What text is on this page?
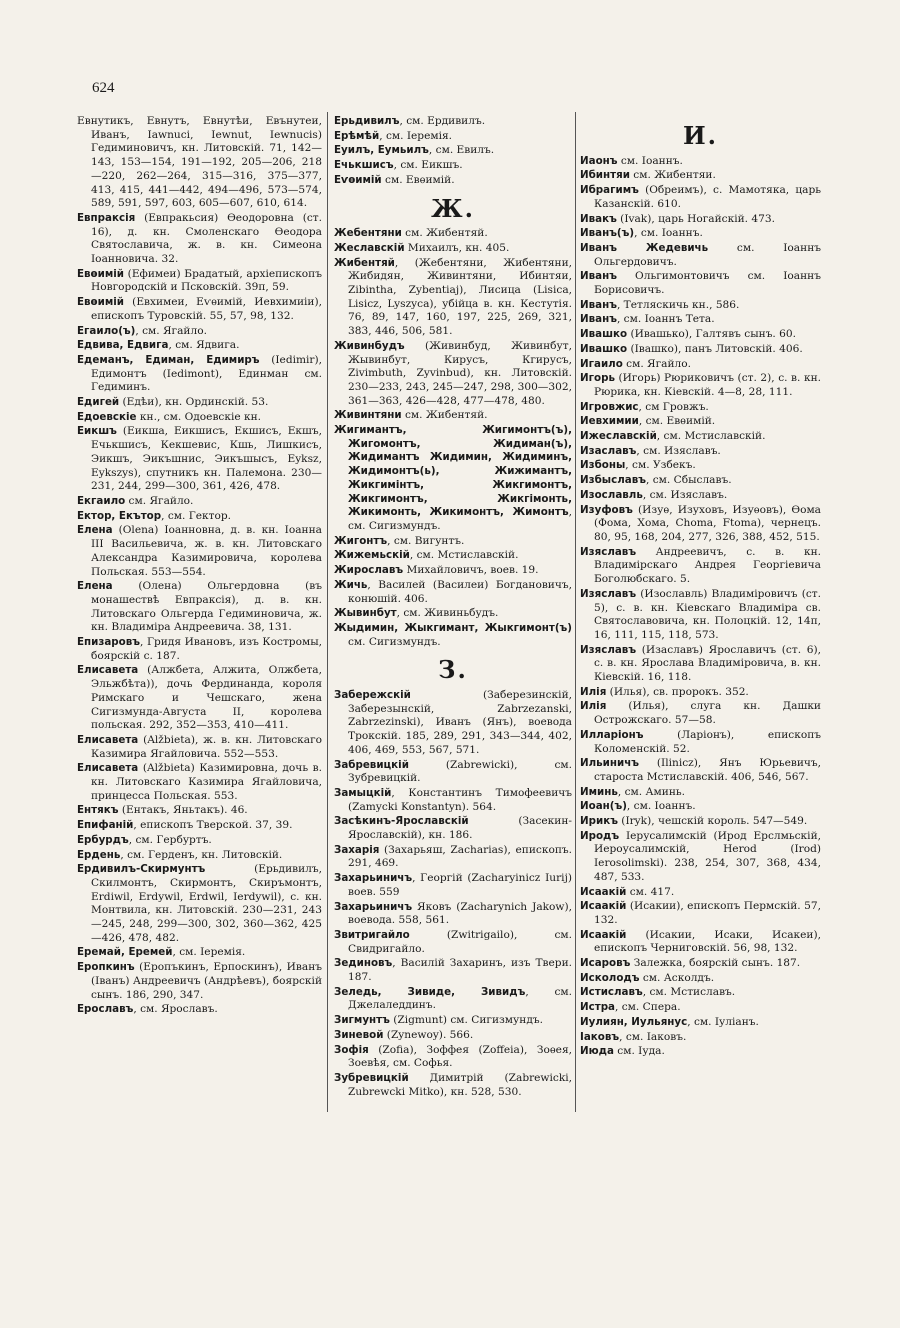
624
Евнутикъ, Евнутъ, Евнутѣи, Евънутеи, Иванъ, Iawnuci, Iewnut, Iewnucis) Гедиминовичъ, кн. Литовскій. 71, 142—143, 153—154, 191—192, 205—206, 218—220, 262—264, 315—316, 375—377, 413, 415, 441—442, 494—496, 573—574, 589, 591, 597, 603, 605—607, 610, 614.
Евпраксія (Евпракьсия) Ѳеодоровна (ст. 16), д. кн. Смоленскаго Ѳеодора Святославича, ж. в. кн. Симеона Іоанновича. 32.
Евѳимій (Ефимеи) Брадатый, архіепископъ Новгородскій и Псковскій. 39п, 59.
Евѳимій (Евхимеи, Еѵѳимій, Иевхимиіи), епископъ Туровскій. 55, 57, 98, 132.
Егаило(ъ), см. Ягайло.
Едвива, Едвига, см. Ядвига.
Едеманъ, Едиман, Едимиръ (Iedimir), Едимонтъ (Iedimont), Единман см. Гедиминъ.
Едигей (Едѣи), кн. Ординскій. 53.
Едоевскіе кн., см. Одоевскіе кн.
Еикшъ (Еикша, Еикшисъ, Екшисъ, Екшъ, Ечькшисъ, Кекшевис, Кшь, Лишкисъ, Эикшъ, Эикъшнис, Эикъшысъ, Eyksz, Eykszys), спутникъ кн. Палемона. 230—231, 244, 299—300, 361, 426, 478.
Екгаило см. Ягайло.
Ектор, Екътор, см. Гектор.
Елена (Olena) Іоанновна, д. в. кн. Іоанна III Васильевича, ж. в. кн. Литовскаго Александра Казимировича, королева Польская. 553—554.
Елена (Олена) Ольгердовна (въ монашествѣ Евпраксія), д. в. кн. Литовскаго Ольгерда Гедиминовича, ж. кн. Владиміра Андреевича. 38, 131.
Епизаровъ, Гридя Ивановъ, изъ Костромы, боярскій с. 187.
Елисавета (Алжбета, Алжита, Олжбета, Эльжбѣта)), дочь Фердинанда, короля Римскаго и Чешскаго, жена Сигизмунда-Августа II, королева польская. 292, 352—353, 410—411.
Елисавета (Alžbieta), ж. в. кн. Литовскаго Казимира Ягайловича. 552—553.
Елисавета (Alžbieta) Казимировна, дочь в. кн. Литовскаго Казимира Ягайловича, принцесса Польская. 553.
Ентякъ (Ентакъ, Яньтакъ). 46.
Епифаній, епископъ Тверской. 37, 39.
Ербурдъ, см. Гербуртъ.
Ердень, см. Герденъ, кн. Литовскій.
Ердивилъ-Скирмунтъ (Ерьдивилъ, Скилмонтъ, Скирмонтъ, Скиръмонтъ, Erdiwil, Erdywil, Erdwil, Ierdywil), с. кн. Монтвила, кн. Литовскій. 230—231, 243—245, 248, 299—300, 302, 360—362, 425—426, 478, 482.
Еремай, Еремей, см. Іеремія.
Еропкинъ (Еропъкинъ, Ерпоскинъ), Иванъ (Іванъ) Андреевичъ (Андрѣевъ), боярскій сынъ. 186, 290, 347.
Ерославъ, см. Ярославъ.
Ерьдивилъ, см. Ердивилъ.
Ерѣмѣй, см. Іеремія.
Еуилъ, Еумьилъ, см. Евилъ.
Ечькшисъ, см. Еикшъ.
Еѵѳимій см. Евѳимій.
Ж.
Жебентяни см. Жибентяй.
Жеславскій Михаилъ, кн. 405.
Жибентяй, (Жебентяни, Жибентяни, Жибидян, Живинтяни, Ибинтяи, Zibintha, Zybentiaj), Лисица (Lisica, Lisicz, Lyszyca), убійца в. кн. Кестутія. 76, 89, 147, 160, 197, 225, 269, 321, 383, 446, 506, 581.
Живинбудъ (Живинбуд, Живинбут, Жывинбут, Кирусъ, Кгирусъ, Zivimbuth, Zyvinbud), кн. Литовскій. 230—233, 243, 245—247, 298, 300—302, 361—363, 426—428, 477—478, 480.
Живинтяни см. Жибентяй.
Жигимантъ, Жигимонтъ(ъ), Жигомонтъ, Жидиман(ъ), Жидимантъ Жидимин, Жидиминъ, Жидимонтъ(ь), Жижимантъ, Жикгимінтъ, Жикгимонтъ, Жикгимонтъ, Жикгімонть, Жикимонть, Жикимонтъ, Жимонтъ, см. Сигизмундъ.
Жигонтъ, см. Вигунтъ.
Жижемьскій, см. Мстиславскій.
Жирославъ Михайловичъ, воев. 19.
Жичь, Василей (Василеи) Богдановичъ, конюшій. 406.
Жывинбут, см. Живиньбудъ.
Жыдимин, Жыкгимант, Жыкгимонт(ъ) см. Сигизмундъ.
З.
Забережскій (Заберезинскій, Заберезынскій, Zabrzezanski, Zabrzezinski), Иванъ (Янъ), воевода Трокскій. 185, 289, 291, 343—344, 402, 406, 469, 553, 567, 571.
Забревицкій (Zabrewicki), см. Зубревицкій.
Замыцкій, Константинъ Тимофеевичъ (Zamycki Konstantyn). 564.
Засѣкинъ-Ярославскій (Засекин-Ярославскій), кн. 186.
Захарія (Захарьяш, Zacharias), епископъ. 291, 469.
Захарьиничъ, Георгій (Zacharyinicz Iurij) воев. 559
Захарьиничъ Яковъ (Zacharynich Jakow), воевода. 558, 561.
Звитригайло (Zwitrigailo), см. Свидригайло.
Зединовъ, Василій Захаринъ, изъ Твери. 187.
Зеледь, Зивиде, Зивидъ, см. Джелаледдинъ.
Зигмунтъ (Zigmunt) см. Сигизмундъ.
Зиневой (Zynewoy). 566.
Зофія (Zofia), Зоффея (Zoffeia), Зоѳея, Зоевѣя, см. Софья.
Зубревицкій Димитрій (Zabrewicki, Zubrewcki Mitko), кн. 528, 530.
И.
Иаонъ см. Іоаннъ.
Ибинтяи см. Жибентяи.
Ибрагимъ (Обреимъ), с. Мамотяка, царь Казанскій. 610.
Ивакъ (Ivak), царь Ногайскій. 473.
Иванъ(ъ), см. Іоаннъ.
Иванъ Жедевичь см. Іоаннъ Ольгердовичъ.
Иванъ Ольгимонтовичъ см. Іоаннъ Борисовичъ.
Иванъ, Тетляскичь кн., 586.
Иванъ, см. Іоаннъ Тета.
Ивашко (Ивашько), Галтявъ сынъ. 60.
Ивашко (Івашко), панъ Литовскій. 406.
Игаило см. Ягайло.
Игорь (Игорь) Рюриковичъ (ст. 2), с. в. кн. Рюрика, кн. Кіевскій. 4—8, 28, 111.
Игровжис, см Гровжъ.
Иевхимии, см. Евѳимій.
Ижеславскій, см. Мстиславскій.
Изаславъ, см. Изяславъ.
Избоны, см. Узбекъ.
Избыславъ, см. Сбыславъ.
Изославль, см. Изяславъ.
Изуфовъ (Изуѳ, Изуховъ, Изуѳовъ), Ѳома (Фома, Хома, Choma, Ftoma), чернецъ. 80, 95, 168, 204, 277, 326, 388, 452, 515.
Изяславъ Андреевичъ, с. в. кн. Владимірскаго Андрея Георгіевича Боголюбскаго. 5.
Изяславъ (Изославль) Владиміровичъ (ст. 5), с. в. кн. Кіевскаго Владиміра св. Святославовича, кн. Полоцкій. 12, 14п, 16, 111, 115, 118, 573.
Изяславъ (Изаславъ) Ярославичъ (ст. 6), с. в. кн. Ярослава Владиміровича, в. кн. Кіевскій. 16, 118.
Илія (Илья), св. пророкъ. 352.
Илія (Илья), слуга кн. Дашки Острожскаго. 57—58.
Илларіонъ (Ларіонъ), епископъ Коломенскій. 52.
Ильиничъ (Ilinicz), Янъ Юрьевичъ, староста Мстиславскій. 406, 546, 567.
Иминь, см. Аминь.
Иоан(ъ), см. Іоаннъ.
Ирикъ (Iryk), чешскій король. 547—549.
Иродъ Іерусалимскій (Ирод Ерслмьскій, Иероусалимскій, Herod (Irod) Ierosolimski). 238, 254, 307, 368, 434, 487, 533.
Исаакій см. 417.
Исаакій (Исакии), епископъ Пермскій. 57, 132.
Исаакій (Исакии, Исаки, Исакеи), епископъ Черниговскій. 56, 98, 132.
Исаровъ Залежка, боярскій сынъ. 187.
Исколодъ см. Асколдъ.
Истиславъ, см. Мстиславъ.
Истра, см. Спера.
Иулиян, Иульянус, см. Іуліанъ.
Іаковъ, см. Іаковъ.
Июда см. Іуда.
